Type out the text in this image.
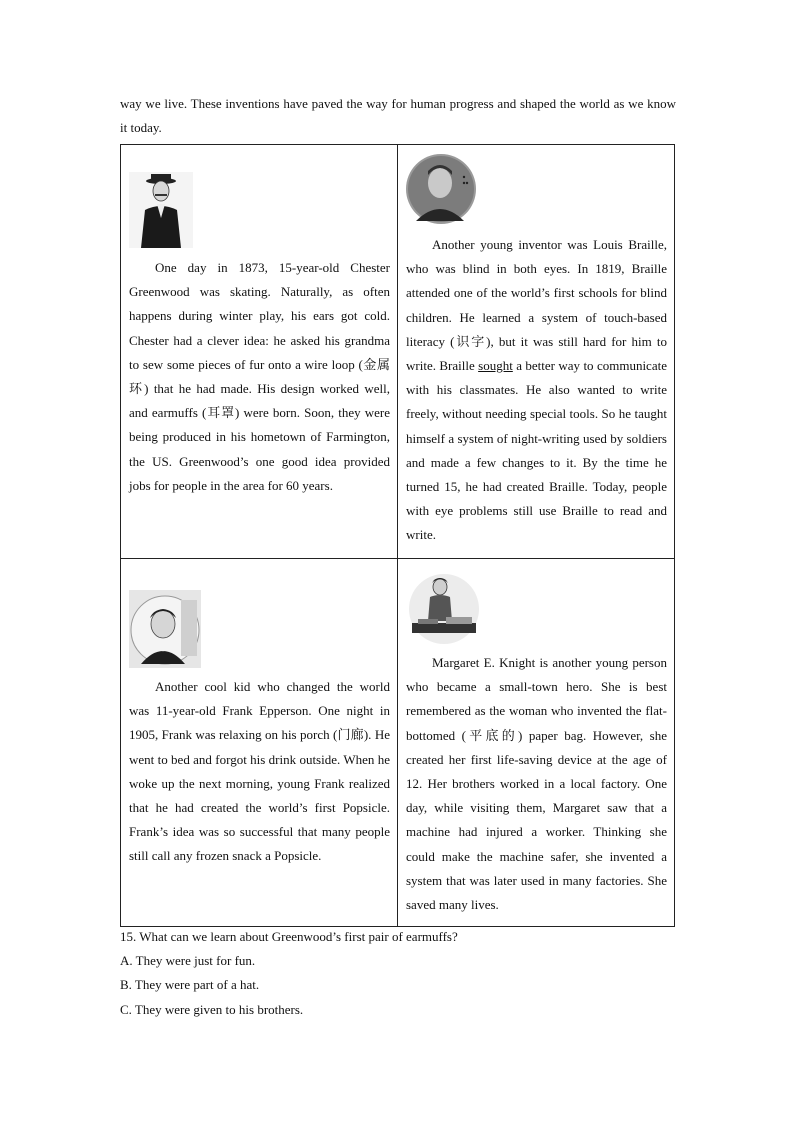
way we live. These inventions have paved the way for human progress and shaped the world as we know it today.

One day in 1873, 15-year-old Chester Greenwood was skating. Naturally, as often happens during winter play, his ears got cold. Chester had a clever idea: he asked his grandma to sew some pieces of fur onto a wire loop (金属环) that he had made. His design worked well, and earmuffs (耳罩) were born. Soon, they were being produced in his hometown of Farmington, the US. Greenwood’s one good idea provided jobs for people in the area for 60 years.

Another young inventor was Louis Braille, who was blind in both eyes. In 1819, Braille attended one of the world’s first schools for blind children. He learned a system of touch-based literacy (识字), but it was still hard for him to write. Braille sought a better way to communicate with his classmates. He also wanted to write freely, without needing special tools. So he taught himself a system of night-writing used by soldiers and made a few changes to it. By the time he turned 15, he had created Braille. Today, people with eye problems still use Braille to read and write.

Another cool kid who changed the world was 11-year-old Frank Epperson. One night in 1905, Frank was relaxing on his porch (门廊). He went to bed and forgot his drink outside. When he woke up the next morning, young Frank realized that he had created the world’s first Popsicle. Frank’s idea was so successful that many people still call any frozen snack a Popsicle.

Margaret E. Knight is another young person who became a small-town hero. She is best remembered as the woman who invented the flat-bottomed (平底的) paper bag. However, she created her first life-saving device at the age of 12. Her brothers worked in a local factory. One day, while visiting them, Margaret saw that a machine had injured a worker. Thinking she could make the machine safer, she invented a system that was later used in many factories. She saved many lives.

15. What can we learn about Greenwood’s first pair of earmuffs?
A. They were just for fun.
B. They were part of a hat.
C. They were given to his brothers.
